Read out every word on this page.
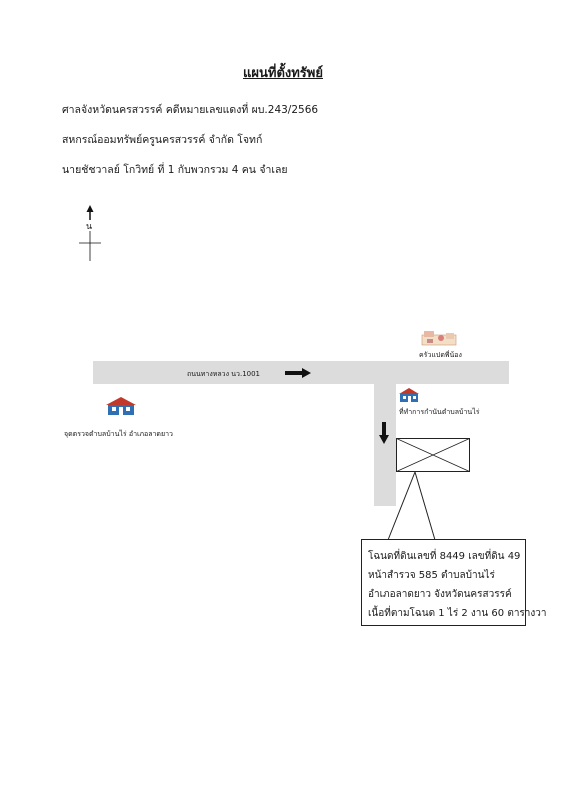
แผนที่ตั้งทรัพย์
ศาลจังหวัดนครสวรรค์ คดีหมายเลขแดงที่ ผบ.243/2566
สหกรณ์ออมทรัพย์ครูนครสวรรค์ จำกัด โจทก์
นายชัชวาลย์ โกวิทย์ ที่ 1 กับพวกรวม 4 คน จำเลย
น
ถนนทางหลวง นว.1001
ครัวแปดพี่น้อง
ที่ทำการกำนันตำบลบ้านไร่
จุดตรวจตำบลบ้านไร่ อำเภอลาดยาว
โฉนดที่ดินเลขที่ 8449 เลขที่ดิน 49
หน้าสำรวจ 585 ตำบลบ้านไร่
อำเภอลาดยาว จังหวัดนครสวรรค์
เนื้อที่ตามโฉนด 1 ไร่ 2 งาน 60 ตารางวา
